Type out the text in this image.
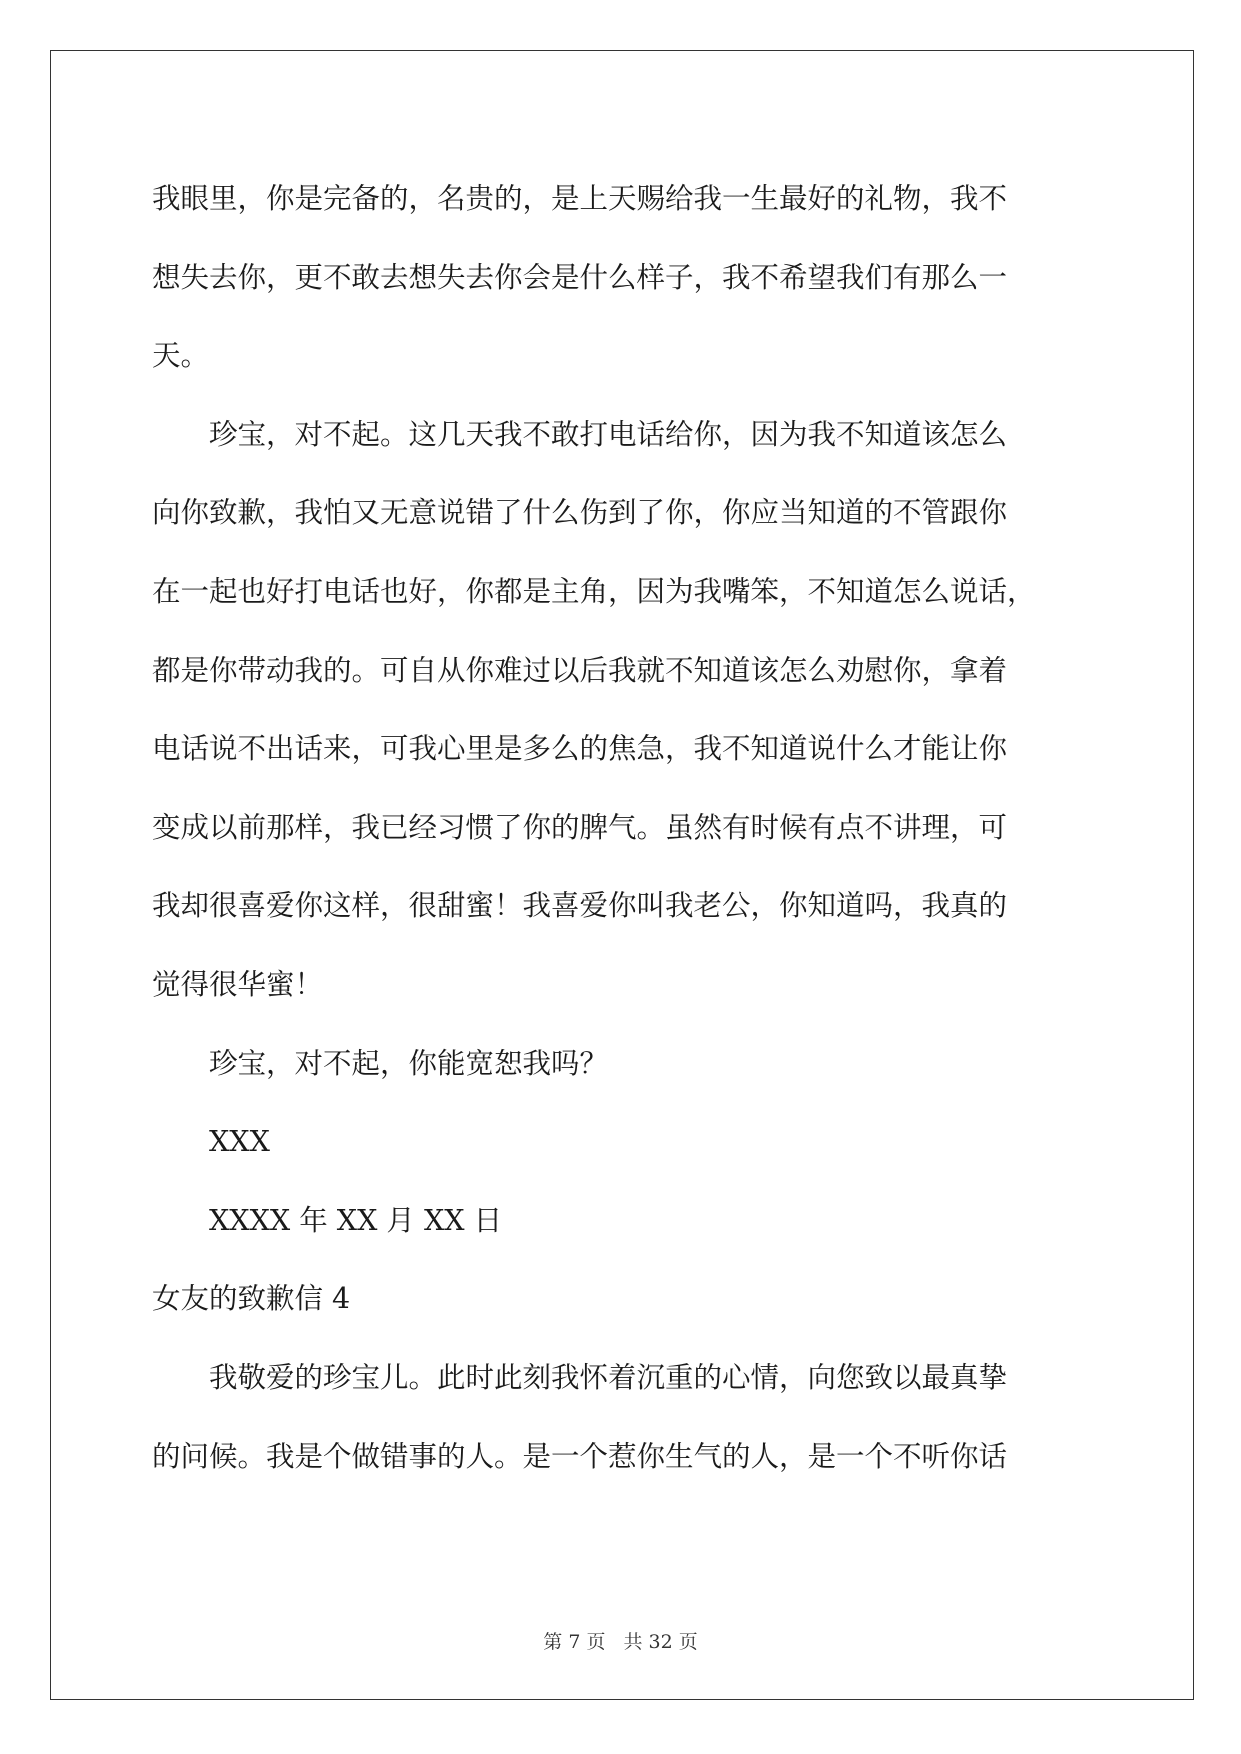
我眼里，你是完备的，名贵的，是上天赐给我一生最好的礼物，我不
想失去你，更不敢去想失去你会是什么样子，我不希望我们有那么一
天。
珍宝，对不起。这几天我不敢打电话给你，因为我不知道该怎么
向你致歉，我怕又无意说错了什么伤到了你，你应当知道的不管跟你
在一起也好打电话也好，你都是主角，因为我嘴笨，不知道怎么说话，
都是你带动我的。可自从你难过以后我就不知道该怎么劝慰你，拿着
电话说不出话来，可我心里是多么的焦急，我不知道说什么才能让你
变成以前那样，我已经习惯了你的脾气。虽然有时候有点不讲理，可
我却很喜爱你这样，很甜蜜！我喜爱你叫我老公，你知道吗，我真的
觉得很华蜜！
珍宝，对不起，你能宽恕我吗？
XXX
XXXX 年 XX 月 XX 日
女友的致歉信 4
我敬爱的珍宝儿。此时此刻我怀着沉重的心情，向您致以最真挚
的问候。我是个做错事的人。是一个惹你生气的人，是一个不听你话
第 7 页 共 32 页
